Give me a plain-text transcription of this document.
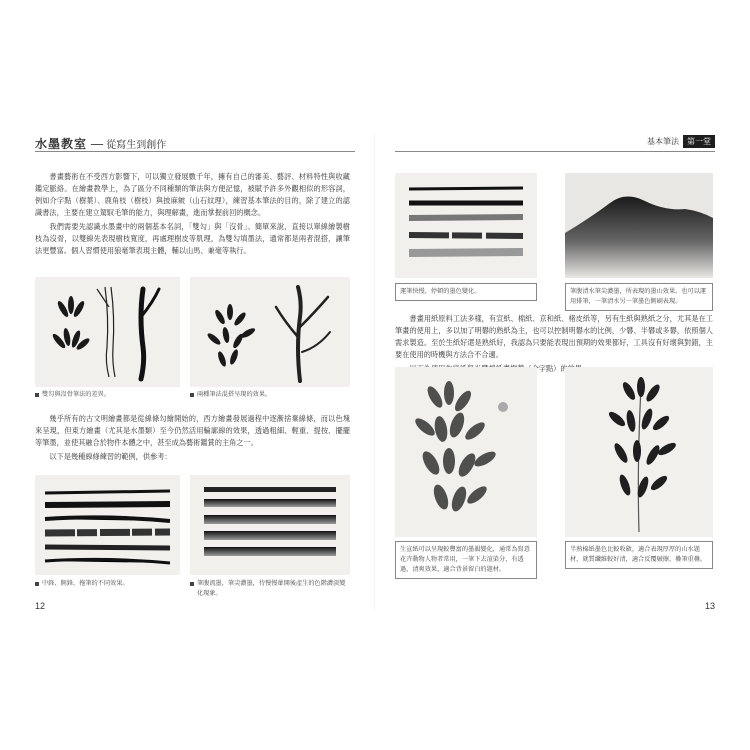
水墨教室 ── 從寫生到創作

書畫藝術在不受西方影響下，可以獨立發展數千年，擁有自己的審美、藝評、材料特性與收藏鑑定脈絡。在繪畫教學上，為了區分不同種類的筆法與方便記憶，被賦予許多外觀相似的形容詞，例如介字點（樹葉）、鹿角枝（樹枝）與披麻皴（山石紋理），練習基本筆法的目的，除了建立的認識書法，主要在建立駕馭毛筆的能力，與理解畫，進而掌握前回的概念。

我們需要先認識水墨畫中的兩個基本名詞，「雙勾」與「沒骨」。簡單來說，直接以單線繪製樹枝為沒骨，以雙線先表現樹枝寬度，再處理樹皮等肌理，為雙勾填墨法，通常都是兩者混搭，讓筆法更豐富。個人習慣使用狼毫筆表現主體，輔以山馬、兼毫等執行。

雙勾與沒骨筆法的差異。	兩種筆法混搭呈現的效果。

幾乎所有的古文明繪畫都是從線條勾繪開始的，西方繪畫發展過程中逐漸捨棄線條，而以色塊來呈現，但東方繪畫（尤其是水墨類）至今仍然活用輪廓線的效果，透過粗細、輕重、提按、擺擺等筆墨，並使其融合於物件本體之中，甚至成為藝術鑑賞的主角之一。

以下是幾種線條練習的範例，供參考：

中鋒、側鋒、拖筆的不同效果。	筆腹流墨，筆尖濃墨，待慢慢暈開後產生的色階濃淡變化現象。
12
基本筆法	第一堂
運筆快慢，停頓的墨色變化。	筆腹清水筆尖濃墨，所表現的墨山效果。也可以運用排筆，一筆清水另一筆墨色側刷表現。

書畫用紙原料工法多樣，有宣紙、棉紙、京和紙、楮皮紙等，另有生紙與熟紙之分，尤其是在工筆畫的使用上，多以加了明礬的熟紙為主，也可以控制明礬水的比例，少礬、半礬或多礬，依照個人需求製造。至於生紙好還是熟紙好，我認為只要能表現出預期的效果都好，工具沒有好壞與對錯，主要在使用的時機與方法合不合適。

生宣紙可以呈現較豐富的墨韻變化，通常為寫意花卉動物人物者常用，一筆下去渲染分，有透過，清爽效果，適合背景留白的題材。
半熟棉紙墨色比較收斂，適合表現厚厚的山水題材，就質纖維較好清，適合反覆皴擦、疊筆重疊。
13
